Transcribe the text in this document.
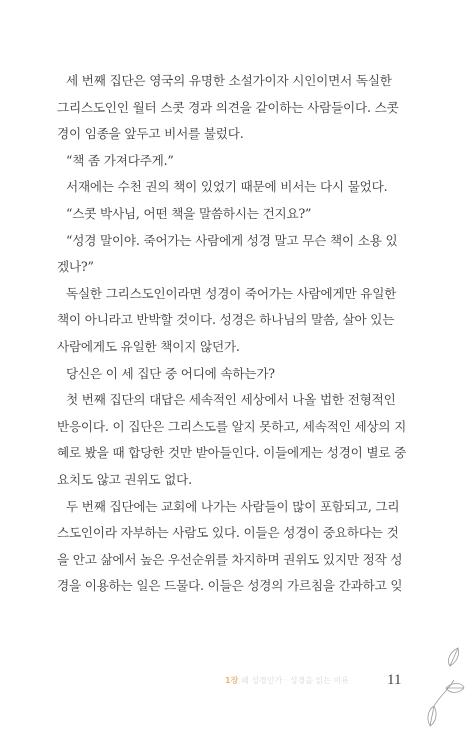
세 번째 집단은 영국의 유명한 소설가이자 시인이면서 독실한
그리스도인인 월터 스콧 경과 의견을 같이하는 사람들이다. 스콧
경이 임종을 앞두고 비서를 불렀다.
“책 좀 가져다주게.”
서재에는 수천 권의 책이 있었기 때문에 비서는 다시 물었다.
“스콧 박사님, 어떤 책을 말씀하시는 건지요?”
“성경 말이야. 죽어가는 사람에게 성경 말고 무슨 책이 소용 있
겠나?”
독실한 그리스도인이라면 성경이 죽어가는 사람에게만 유일한
책이 아니라고 반박할 것이다. 성경은 하나님의 말씀, 살아 있는
사람에게도 유일한 책이지 않던가.
당신은 이 세 집단 중 어디에 속하는가?
첫 번째 집단의 대답은 세속적인 세상에서 나올 법한 전형적인
반응이다. 이 집단은 그리스도를 알지 못하고, 세속적인 세상의 지
혜로 봤을 때 합당한 것만 받아들인다. 이들에게는 성경이 별로 중
요치도 않고 권위도 없다.
두 번째 집단에는 교회에 나가는 사람들이 많이 포함되고, 그리
스도인이라 자부하는 사람도 있다. 이들은 성경이 중요하다는 것
을 안고 삶에서 높은 우선순위를 차지하며 권위도 있지만 정작 성
경을 이용하는 일은 드물다. 이들은 성경의 가르침을 간과하고 잊
1장 왜 성경인가 · 성경을 읽는 이유	11
